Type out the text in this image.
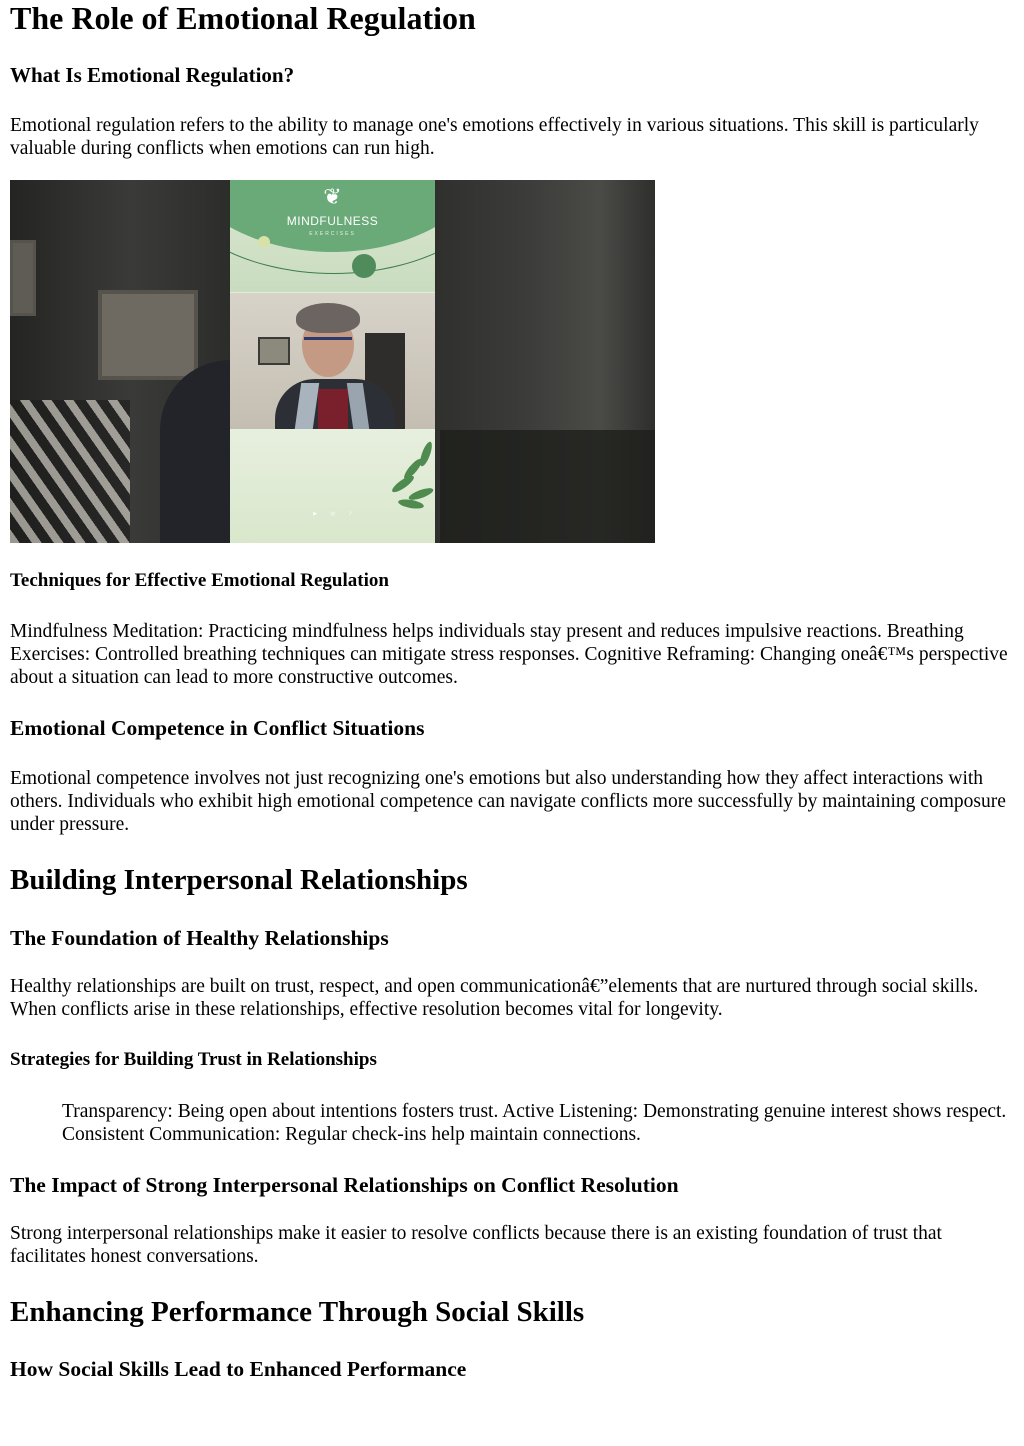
The Role of Emotional Regulation
What Is Emotional Regulation?

Emotional regulation refers to the ability to manage one's emotions effectively in various situations. This skill is particularly valuable during conflicts when emotions can run high.

❦
MINDFULNESS
EXERCISES
▶	◎	♪
Techniques for Effective Emotional Regulation

Mindfulness Meditation: Practicing mindfulness helps individuals stay present and reduces impulsive reactions. Breathing Exercises: Controlled breathing techniques can mitigate stress responses. Cognitive Reframing: Changing oneâ€™s perspective about a situation can lead to more constructive outcomes.

Emotional Competence in Conflict Situations

Emotional competence involves not just recognizing one's emotions but also understanding how they affect interactions with others. Individuals who exhibit high emotional competence can navigate conflicts more successfully by maintaining composure under pressure.

Building Interpersonal Relationships
The Foundation of Healthy Relationships

Healthy relationships are built on trust, respect, and open communicationâ€”elements that are nurtured through social skills. When conflicts arise in these relationships, effective resolution becomes vital for longevity.

Strategies for Building Trust in Relationships
Transparency: Being open about intentions fosters trust. Active Listening: Demonstrating genuine interest shows respect. Consistent Communication: Regular check-ins help maintain connections.
The Impact of Strong Interpersonal Relationships on Conflict Resolution

Strong interpersonal relationships make it easier to resolve conflicts because there is an existing foundation of trust that facilitates honest conversations.

Enhancing Performance Through Social Skills
How Social Skills Lead to Enhanced Performance
